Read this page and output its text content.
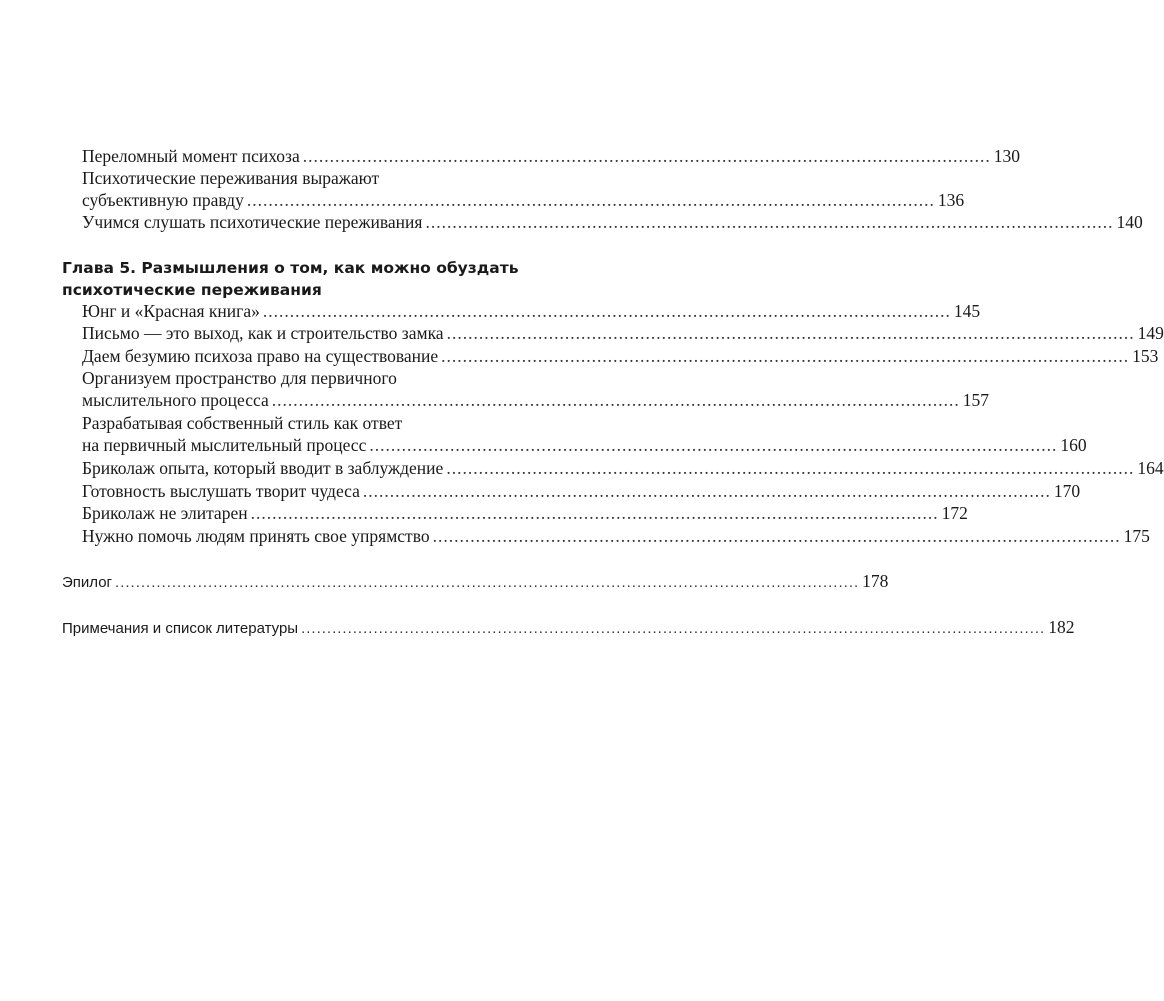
Переломный момент психоза ................................................................................................................................ 130
Психотические переживания выражают
субъективную правду ................................................................................................................................ 136
Учимся слушать психотические переживания ................................................................................................................................ 140
Глава 5. Размышления о том, как можно обуздать
психотические переживания
Юнг и «Красная книга» ................................................................................................................................ 145
Письмо — это выход, как и строительство замка ................................................................................................................................ 149
Даем безумию психоза право на существование ................................................................................................................................ 153
Организуем пространство для первичного
мыслительного процесса ................................................................................................................................ 157
Разрабатывая собственный стиль как ответ
на первичный мыслительный процесс ................................................................................................................................ 160
Бриколаж опыта, который вводит в заблуждение ................................................................................................................................ 164
Готовность выслушать творит чудеса ................................................................................................................................ 170
Бриколаж не элитарен ................................................................................................................................ 172
Нужно помочь людям принять свое упрямство ................................................................................................................................ 175
Эпилог ................................................................................................................................................ 178
Примечания и список литературы ................................................................................................................................................ 182
